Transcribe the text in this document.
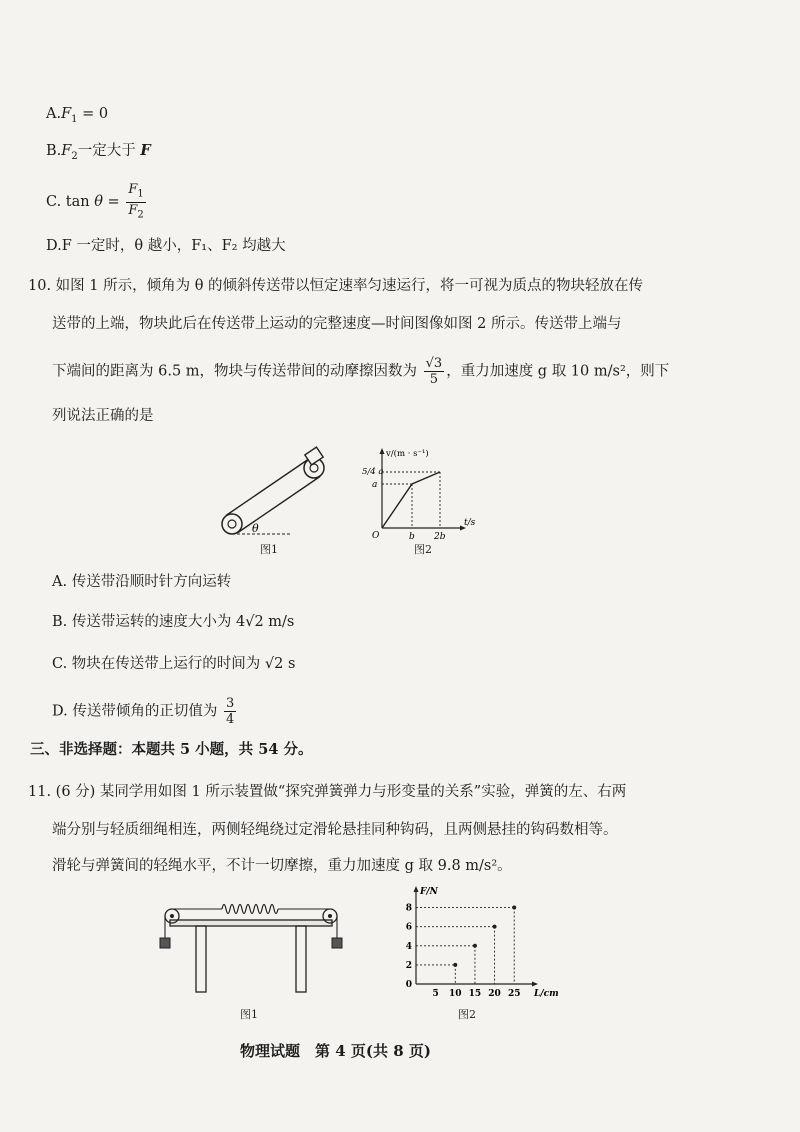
$A.F_1 = 0$
$B.F_2$一定大于 F
C. $\tan \theta = \frac{F_1}{F_2}$
D.F 一定时，θ 越小，F₁、F₂ 均越大
10. 如图 1 所示，倾角为 θ 的倾斜传送带以恒定速率匀速运行，将一可视为质点的物块轻放在传
送带的上端，物块此后在传送带上运动的完整速度—时间图像如图 2 所示。传送带上端与
下端间的距离为 6.5 m，物块与传送带间的动摩擦因数为 $\frac{√3}{5}$ ，重力加速度 g 取 10 m/s²，则下
列说法正确的是
θ
图1
v/(m · s⁻¹)
t/s
5/4 a
a
O	b 2b
图2
A. 传送带沿顺时针方向运转
B. 传送带运转的速度大小为 4√2 m/s
C. 物块在传送带上运行的时间为 √2 s
D. 传送带倾角的正切值为 $\frac{3}{4}$
三、非选择题：本题共 5 小题，共 54 分。
11. (6 分) 某同学用如图 1 所示装置做“探究弹簧弹力与形变量的关系”实验，弹簧的左、右两
端分别与轻质细绳相连，两侧轻绳绕过定滑轮悬挂同种钩码，且两侧悬挂的钩码数相等。
滑轮与弹簧间的轻绳水平，不计一切摩擦，重力加速度 g 取 9.8 m/s²。
图1
F/N
L/cm
0
2
4
6
8
5 10 15 20 25
图2
物理试题　第 4 页(共 8 页)
